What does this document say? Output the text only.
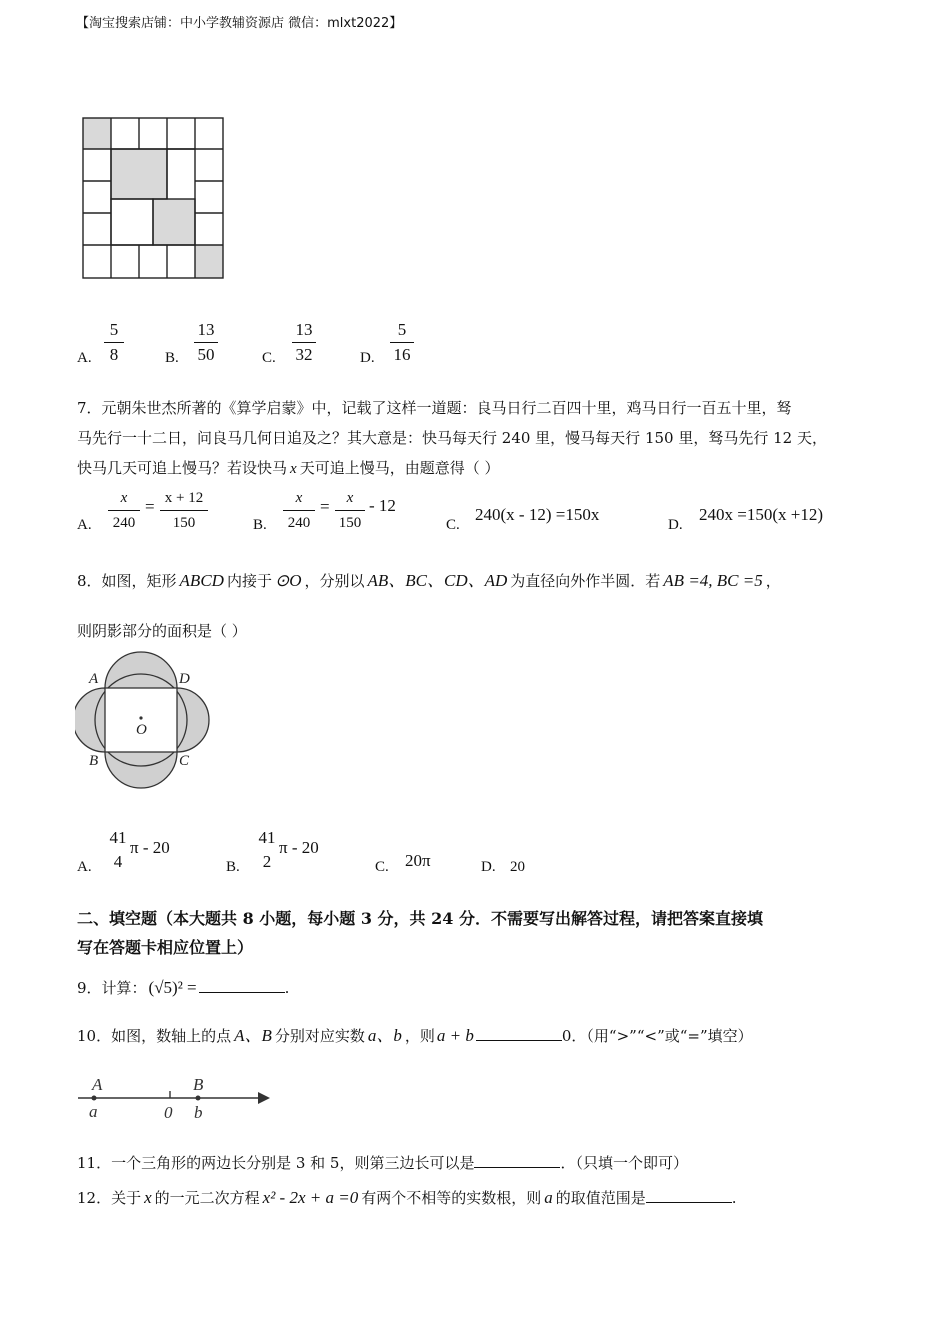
【淘宝搜索店铺：中小学教辅资源店 微信：mlxt2022】
A. $\frac{5}{8}$	B. $\frac{13}{50}$	C. $\frac{13}{32}$	D. $\frac{5}{16}$
7．元朝朱世杰所著的《算学启蒙》中，记载了这样一道题：良马日行二百四十里，鸡马日行一百五十里，驽
马先行一十二日，问良马几何日追及之？其大意是：快马每天行 240 里，慢马每天行 150 里，驽马先行 12 天，
快马几天可追上慢马？若设快马 x 天可追上慢马，由题意得（ ）
A. $\frac{x}{240} = \frac{x + 12}{150}$	B. $\frac{x}{240} = \frac{x}{150} - 12$
C.
240(x - 12) =150x
D.
240x =150(x +12)
8．如图，矩形 ABCD 内接于 ⊙O ，分别以 AB、BC、CD、AD 为直径向外作半圆．若 AB =4, BC =5 ，
则阴影部分的面积是（ ）
A	D
B	C
O
A.
41
4
π - 20
B.
41
2
π - 20
C. 20π	D. 20
二、填空题（本大题共 8 小题，每小题 3 分，共 24 分．不需要写出解答过程，请把答案直接填
写在答题卡相应位置上）
9．计算： (√5)² =	.
10．如图，数轴上的点 A、B 分别对应实数 a、b ，则 a + b	0．（用“>”“<”或“=”填空）
A	B
a	0 b
11．一个三角形的两边长分别是 3 和 5，则第三边长可以是	．（只填一个即可）
12．关于 x 的一元二次方程 x² - 2x + a =0 有两个不相等的实数根，则 a 的取值范围是	.
